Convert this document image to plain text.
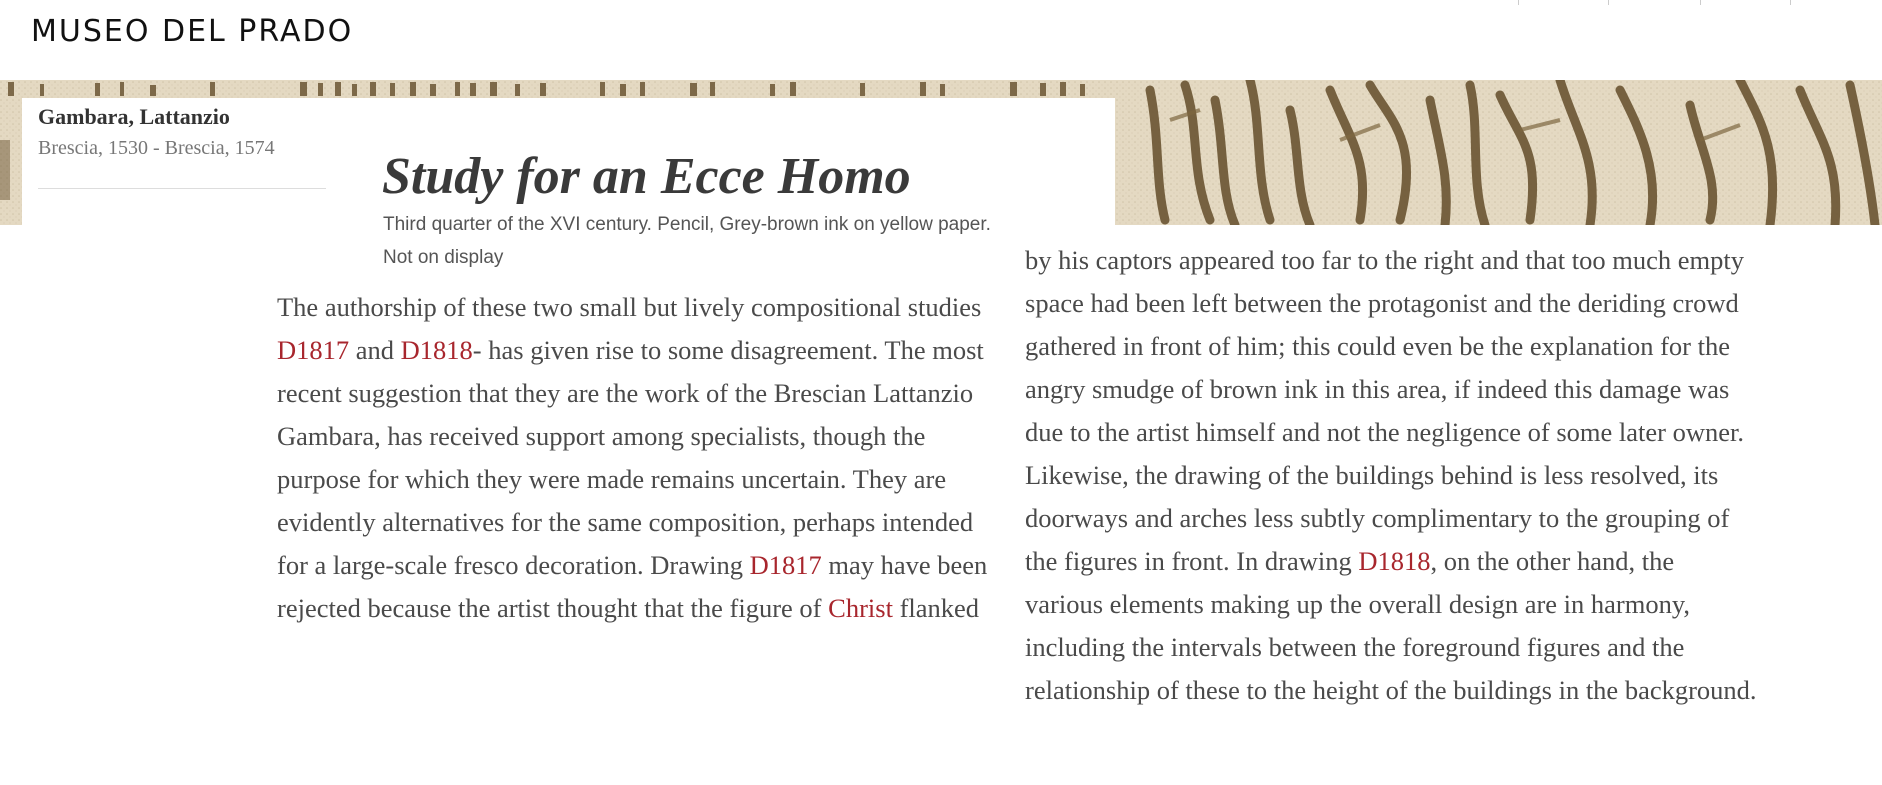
MUSEO DEL PRADO
Gambara, Lattanzio
Brescia, 1530 - Brescia, 1574 Study for an Ecce Homo
Third quarter of the XVI century. Pencil, Grey-brown ink on yellow paper.
Not on display
The authorship of these two small but lively compositional studies
D1817 and D1818- has given rise to some disagreement. The most
recent suggestion that they are the work of the Brescian Lattanzio
Gambara, has received support among specialists, though the
purpose for which they were made remains uncertain. They are
evidently alternatives for the same composition, perhaps intended
for a large-scale fresco decoration. Drawing D1817 may have been
rejected because the artist thought that the figure of Christ flanked
by his captors appeared too far to the right and that too much empty
space had been left between the protagonist and the deriding crowd
gathered in front of him; this could even be the explanation for the
angry smudge of brown ink in this area, if indeed this damage was
due to the artist himself and not the negligence of some later owner.
Likewise, the drawing of the buildings behind is less resolved, its
doorways and arches less subtly complimentary to the grouping of
the figures in front. In drawing D1818, on the other hand, the
various elements making up the overall design are in harmony,
including the intervals between the foreground figures and the
relationship of these to the height of the buildings in the background.
